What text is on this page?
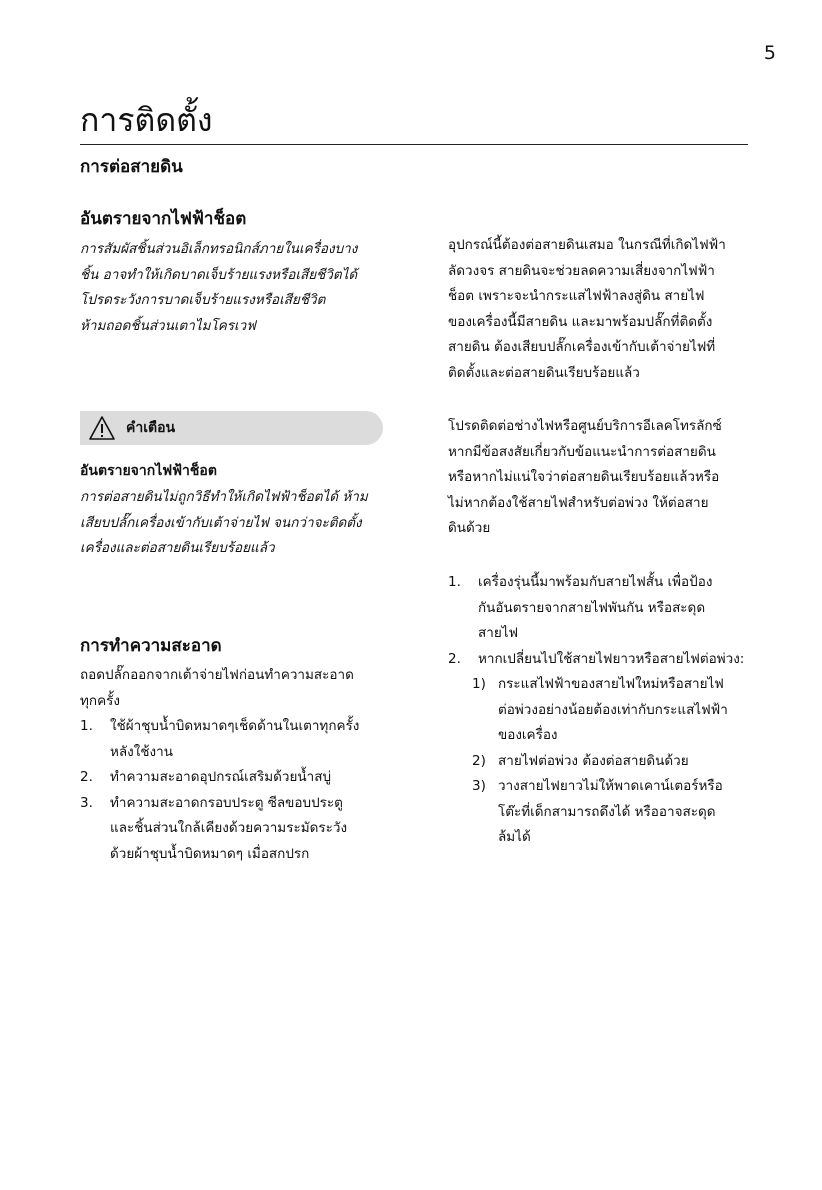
5
การติดตั้ง
การต่อสายดิน
อันตรายจากไฟฟ้าช็อต
การสัมผัสชิ้นส่วนอิเล็กทรอนิกส์ภายในเครื่องบาง
ชิ้น อาจทำให้เกิดบาดเจ็บร้ายแรงหรือเสียชีวิตได้
โปรดระวังการบาดเจ็บร้ายแรงหรือเสียชีวิต
ห้ามถอดชิ้นส่วนเตาไมโครเวฟ
คำเตือน
อันตรายจากไฟฟ้าช็อต
การต่อสายดินไม่ถูกวิธีทำให้เกิดไฟฟ้าช็อตได้ ห้าม
เสียบปลั๊กเครื่องเข้ากับเต้าจ่ายไฟ จนกว่าจะติดตั้ง
เครื่องและต่อสายดินเรียบร้อยแล้ว
การทำความสะอาด
ถอดปลั๊กออกจากเต้าจ่ายไฟก่อนทำความสะอาด
ทุกครั้ง
1. ใช้ผ้าชุบน้ำบิดหมาดๆเช็ดด้านในเตาทุกครั้ง
หลังใช้งาน
2. ทำความสะอาดอุปกรณ์เสริมด้วยน้ำสบู่
3. ทำความสะอาดกรอบประตู ซีลขอบประตู
และชิ้นส่วนใกล้เคียงด้วยความระมัดระวัง
ด้วยผ้าชุบน้ำบิดหมาดๆ เมื่อสกปรก
อุปกรณ์นี้ต้องต่อสายดินเสมอ ในกรณีที่เกิดไฟฟ้า
ลัดวงจร สายดินจะช่วยลดความเสี่ยงจากไฟฟ้า
ช็อต เพราะจะนำกระแสไฟฟ้าลงสู่ดิน สายไฟ
ของเครื่องนี้มีสายดิน และมาพร้อมปลั๊กที่ติดตั้ง
สายดิน ต้องเสียบปลั๊กเครื่องเข้ากับเต้าจ่ายไฟที่
ติดตั้งและต่อสายดินเรียบร้อยแล้ว
โปรดติดต่อช่างไฟหรือศูนย์บริการอีเลคโทรลักซ์
หากมีข้อสงสัยเกี่ยวกับข้อแนะนำการต่อสายดิน
หรือหากไม่แน่ใจว่าต่อสายดินเรียบร้อยแล้วหรือ
ไม่หากต้องใช้สายไฟสำหรับต่อพ่วง ให้ต่อสาย
ดินด้วย
1. เครื่องรุ่นนี้มาพร้อมกับสายไฟสั้น เพื่อป้อง
กันอันตรายจากสายไฟพันกัน หรือสะดุด
สายไฟ
2. หากเปลี่ยนไปใช้สายไฟยาวหรือสายไฟต่อพ่วง:
1) กระแสไฟฟ้าของสายไฟใหม่หรือสายไฟ
ต่อพ่วงอย่างน้อยต้องเท่ากับกระแสไฟฟ้า
ของเครื่อง
2) สายไฟต่อพ่วง ต้องต่อสายดินด้วย
3) วางสายไฟยาวไม่ให้พาดเคาน์เตอร์หรือ
โต๊ะที่เด็กสามารถดึงได้ หรืออาจสะดุด
ล้มได้
